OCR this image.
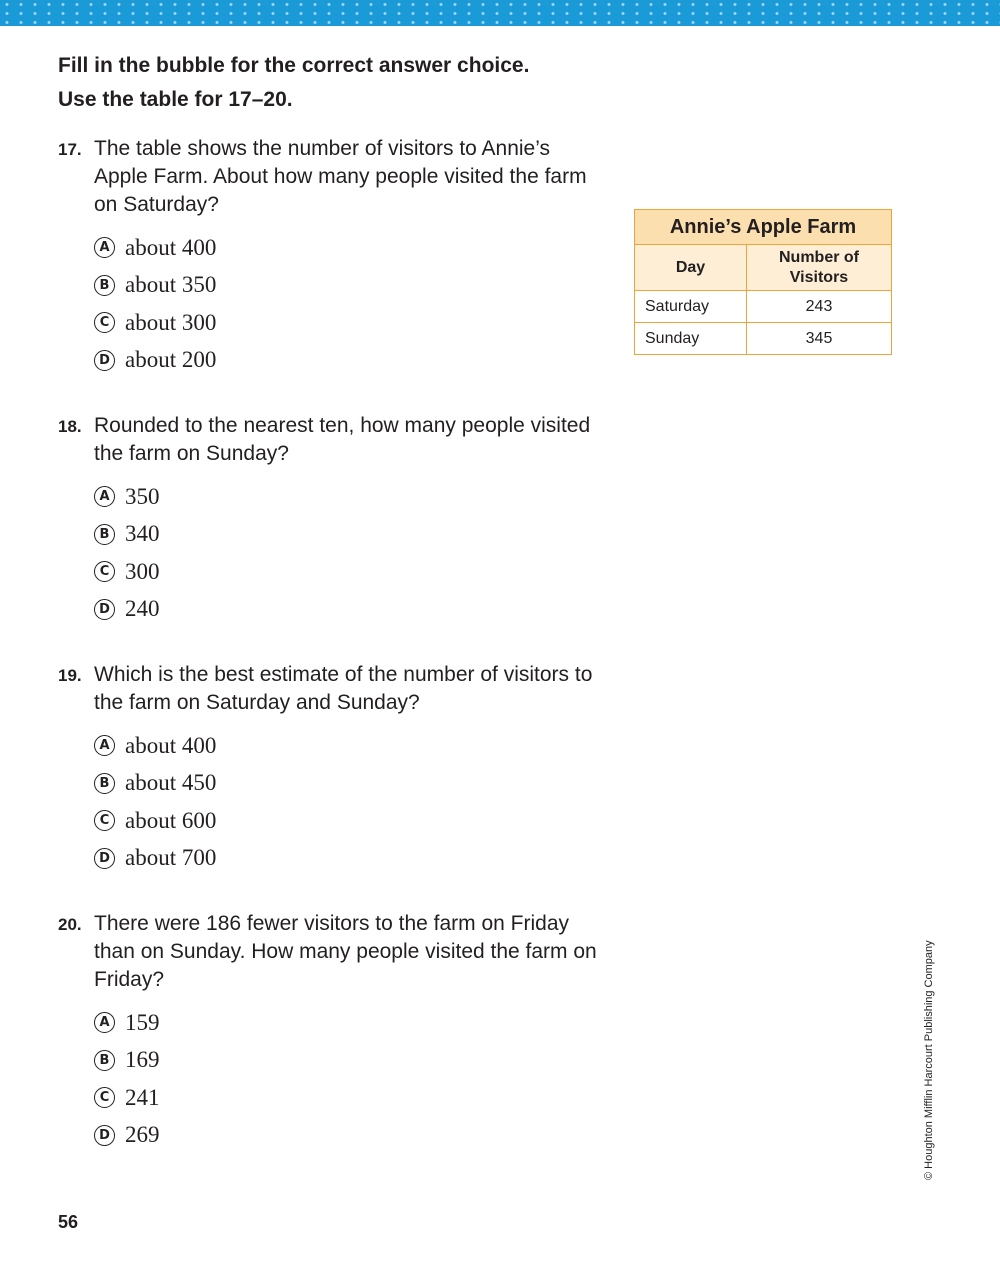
Fill in the bubble for the correct answer choice.
Use the table for 17–20.
17. The table shows the number of visitors to Annie’s Apple Farm. About how many people visited the farm on Saturday?
A about 400
B about 350
C about 300
D about 200
18. Rounded to the nearest ten, how many people visited the farm on Sunday?
A 350
B 340
C 300
D 240
19. Which is the best estimate of the number of visitors to the farm on Saturday and Sunday?
A about 400
B about 450
C about 600
D about 700
20. There were 186 fewer visitors to the farm on Friday than on Sunday. How many people visited the farm on Friday?
A 159
B 169
C 241
D 269
Annie’s Apple Farm	
Day	Number of Visitors
Saturday	243
Sunday	345
© Houghton Mifflin Harcourt Publishing Company
56
